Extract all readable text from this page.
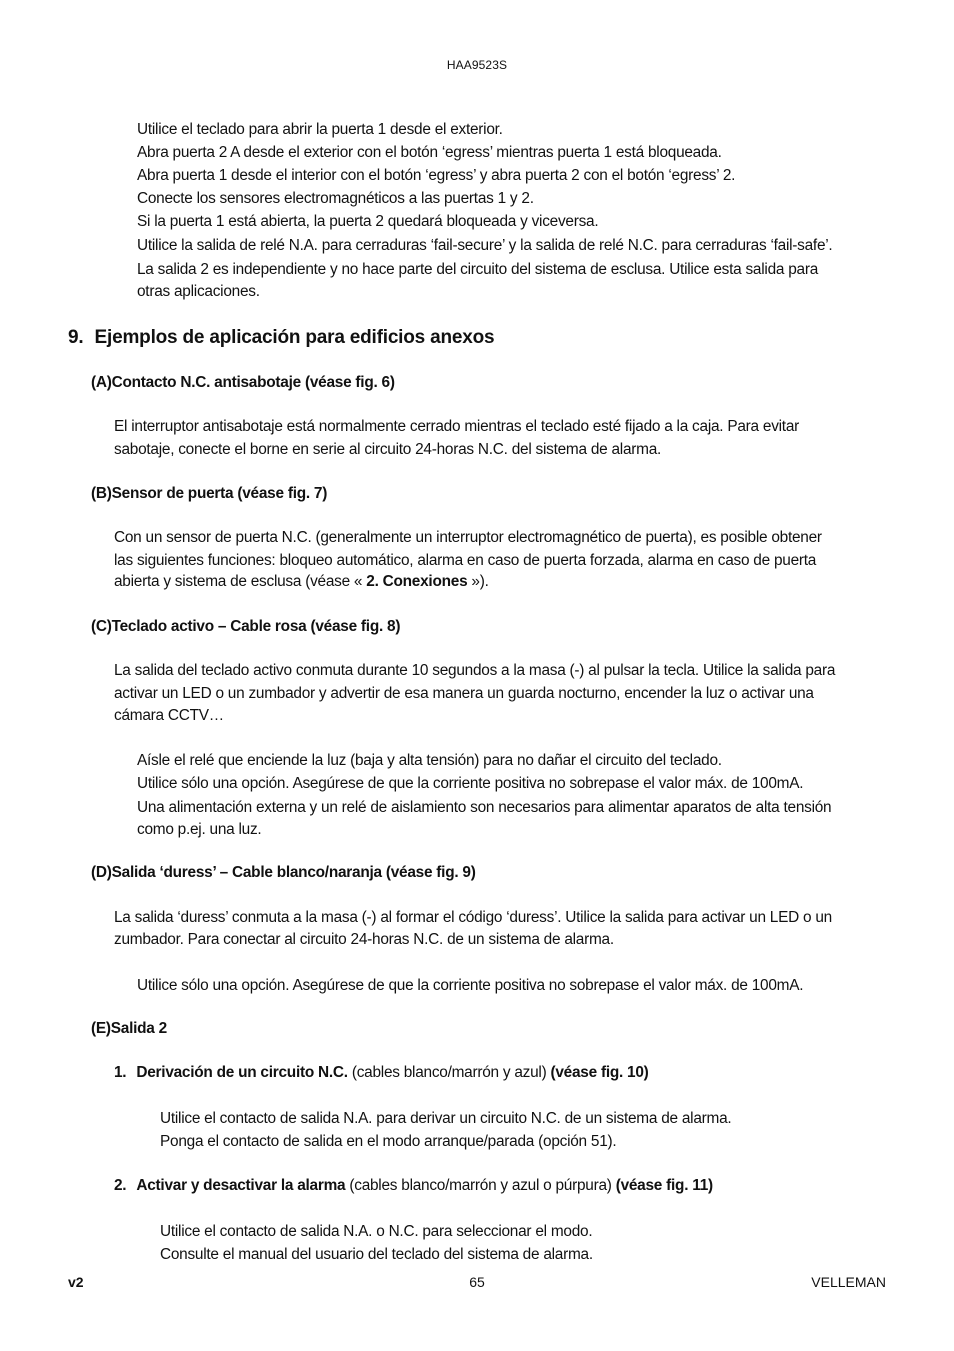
HAA9523S
Utilice el teclado para abrir la puerta 1 desde el exterior.
Abra puerta 2 A desde el exterior con el botón ‘egress’ mientras puerta 1 está bloqueada.
Abra puerta 1 desde el interior con el botón ‘egress’ y abra puerta 2 con el botón ‘egress’ 2.
Conecte los sensores electromagnéticos a las puertas 1 y 2.
Si la puerta 1 está abierta, la puerta 2 quedará bloqueada y viceversa.
Utilice la salida de relé N.A. para cerraduras ‘fail-secure’ y la salida de relé N.C. para cerraduras ‘fail-safe’.
La salida 2 es independiente y no hace parte del circuito del sistema de esclusa. Utilice esta salida para
otras aplicaciones.
9. Ejemplos de aplicación para edificios anexos
(A)Contacto N.C. antisabotaje (véase fig. 6)
El interruptor antisabotaje está normalmente cerrado mientras el teclado esté fijado a la caja. Para evitar
sabotaje, conecte el borne en serie al circuito 24-horas N.C. del sistema de alarma.
(B)Sensor de puerta (véase fig. 7)
Con un sensor de puerta N.C. (generalmente un interruptor electromagnético de puerta), es posible obtener
las siguientes funciones: bloqueo automático, alarma en caso de puerta forzada, alarma en caso de puerta
abierta y sistema de esclusa (véase « 2. Conexiones »).
(C)Teclado activo – Cable rosa (véase fig. 8)
La salida del teclado activo conmuta durante 10 segundos a la masa (-) al pulsar la tecla. Utilice la salida para
activar un LED o un zumbador y advertir de esa manera un guarda nocturno, encender la luz o activar una
cámara CCTV…
Aísle el relé que enciende la luz (baja y alta tensión) para no dañar el circuito del teclado.
Utilice sólo una opción. Asegúrese de que la corriente positiva no sobrepase el valor máx. de 100mA.
Una alimentación externa y un relé de aislamiento son necesarios para alimentar aparatos de alta tensión
como p.ej. una luz.
(D)Salida ‘duress’ – Cable blanco/naranja (véase fig. 9)
La salida ‘duress’ conmuta a la masa (-) al formar el código ‘duress’. Utilice la salida para activar un LED o un
zumbador. Para conectar al circuito 24-horas N.C. de un sistema de alarma.
Utilice sólo una opción. Asegúrese de que la corriente positiva no sobrepase el valor máx. de 100mA.
(E)Salida 2
1. Derivación de un circuito N.C. (cables blanco/marrón y azul) (véase fig. 10)
Utilice el contacto de salida N.A. para derivar un circuito N.C. de un sistema de alarma.
Ponga el contacto de salida en el modo arranque/parada (opción 51).
2. Activar y desactivar la alarma (cables blanco/marrón y azul o púrpura) (véase fig. 11)
Utilice el contacto de salida N.A. o N.C. para seleccionar el modo.
Consulte el manual del usuario del teclado del sistema de alarma.
v2	65	VELLEMAN
